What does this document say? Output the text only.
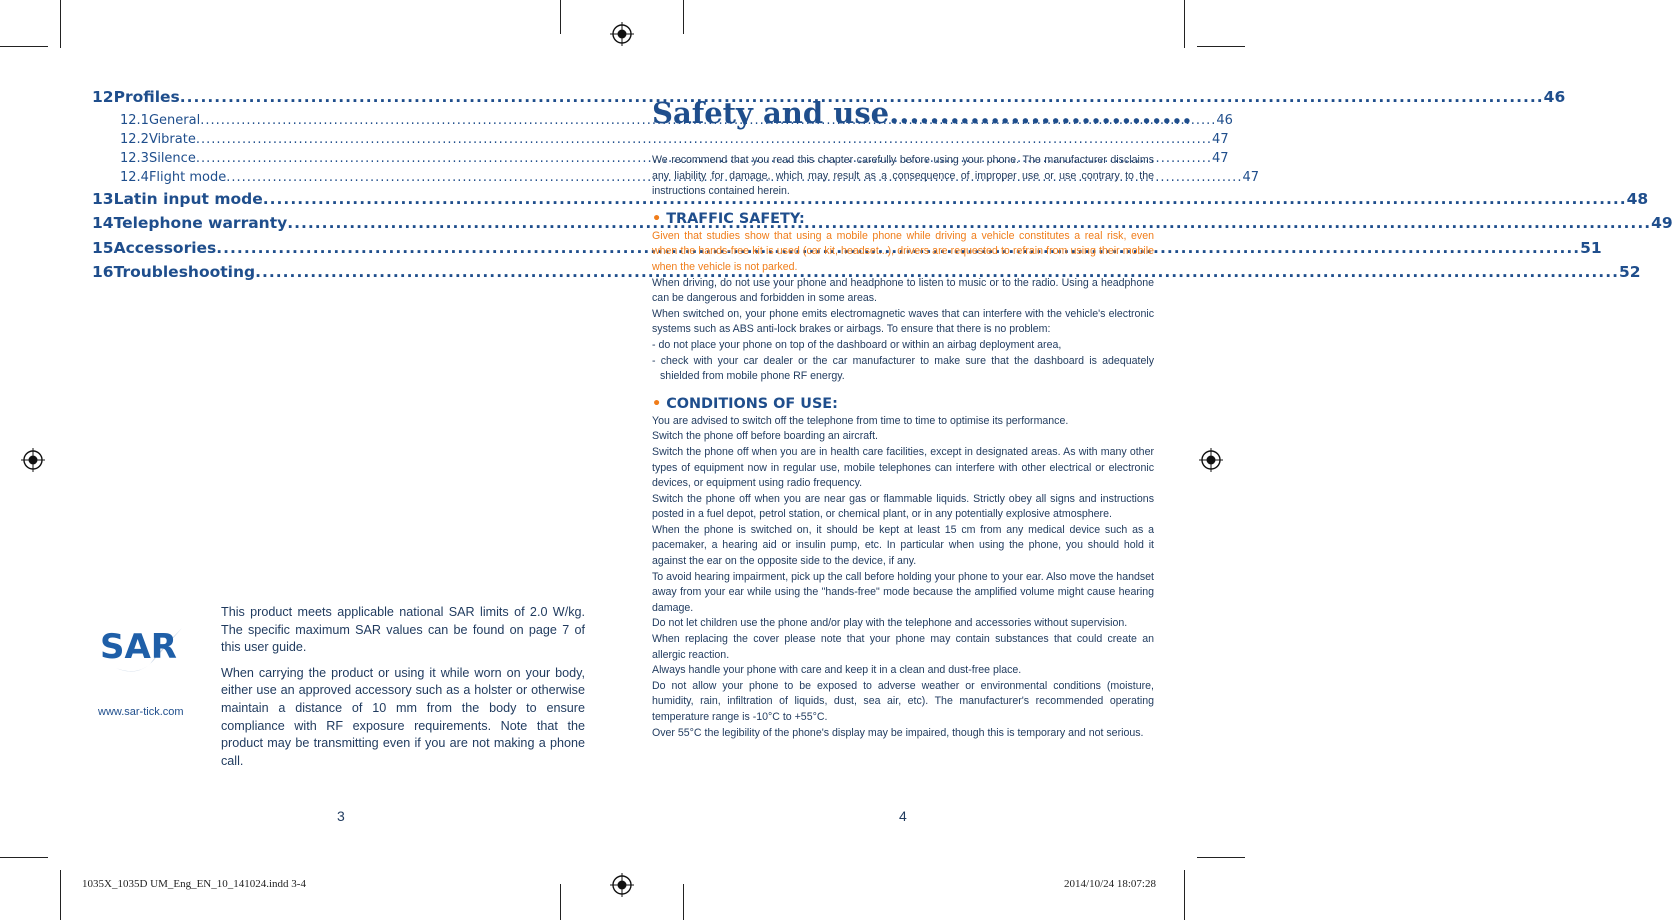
12 Profiles .....	46
12.1 General .....	46
12.2 Vibrate .....	47
12.3 Silence .....	47
12.4 Flight mode .....	47
13 Latin input mode .....	48
14 Telephone warranty .....	49
15 Accessories .....	51
16 Troubleshooting .....	52
SAR
www.sar-tick.com

This product meets applicable national SAR limits of 2.0 W/kg. The specific maximum SAR values can be found on page 7 of this user guide.

When carrying the product or using it while worn on your body, either use an approved accessory such as a holster or otherwise maintain a distance of 10 mm from the body to ensure compliance with RF exposure requirements. Note that the product may be transmitting even if you are not making a phone call.

3	4
Safety and use..............................

We recommend that you read this chapter carefully before using your phone. The manufacturer disclaims any liability for damage, which may result as a consequence of improper use or use contrary to the instructions contained herein.

• TRAFFIC SAFETY:

Given that studies show that using a mobile phone while driving a vehicle constitutes a real risk, even when the hands-free kit is used (car kit, headset...), drivers are requested to refrain from using their mobile when the vehicle is not parked.

When driving, do not use your phone and headphone to listen to music or to the radio. Using a headphone can be dangerous and forbidden in some areas.

When switched on, your phone emits electromagnetic waves that can interfere with the vehicle's electronic systems such as ABS anti-lock brakes or airbags. To ensure that there is no problem:

- do not place your phone on top of the dashboard or within an airbag deployment area,

- check with your car dealer or the car manufacturer to make sure that the dashboard is adequately shielded from mobile phone RF energy.

• CONDITIONS OF USE:

You are advised to switch off the telephone from time to time to optimise its performance.

Switch the phone off before boarding an aircraft.

Switch the phone off when you are in health care facilities, except in designated areas. As with many other types of equipment now in regular use, mobile telephones can interfere with other electrical or electronic devices, or equipment using radio frequency.

Switch the phone off when you are near gas or flammable liquids. Strictly obey all signs and instructions posted in a fuel depot, petrol station, or chemical plant, or in any potentially explosive atmosphere.

When the phone is switched on, it should be kept at least 15 cm from any medical device such as a pacemaker, a hearing aid or insulin pump, etc. In particular when using the phone, you should hold it against the ear on the opposite side to the device, if any.

To avoid hearing impairment, pick up the call before holding your phone to your ear. Also move the handset away from your ear while using the "hands-free" mode because the amplified volume might cause hearing damage.

Do not let children use the phone and/or play with the telephone and accessories without supervision.

When replacing the cover please note that your phone may contain substances that could create an allergic reaction.

Always handle your phone with care and keep it in a clean and dust-free place.

Do not allow your phone to be exposed to adverse weather or environmental conditions (moisture, humidity, rain, infiltration of liquids, dust, sea air, etc). The manufacturer's recommended operating temperature range is -10°C to +55°C.

Over 55°C the legibility of the phone's display may be impaired, though this is temporary and not serious.

1035X_1035D UM_Eng_EN_10_141024.indd 3-4	2014/10/24 18:07:28
